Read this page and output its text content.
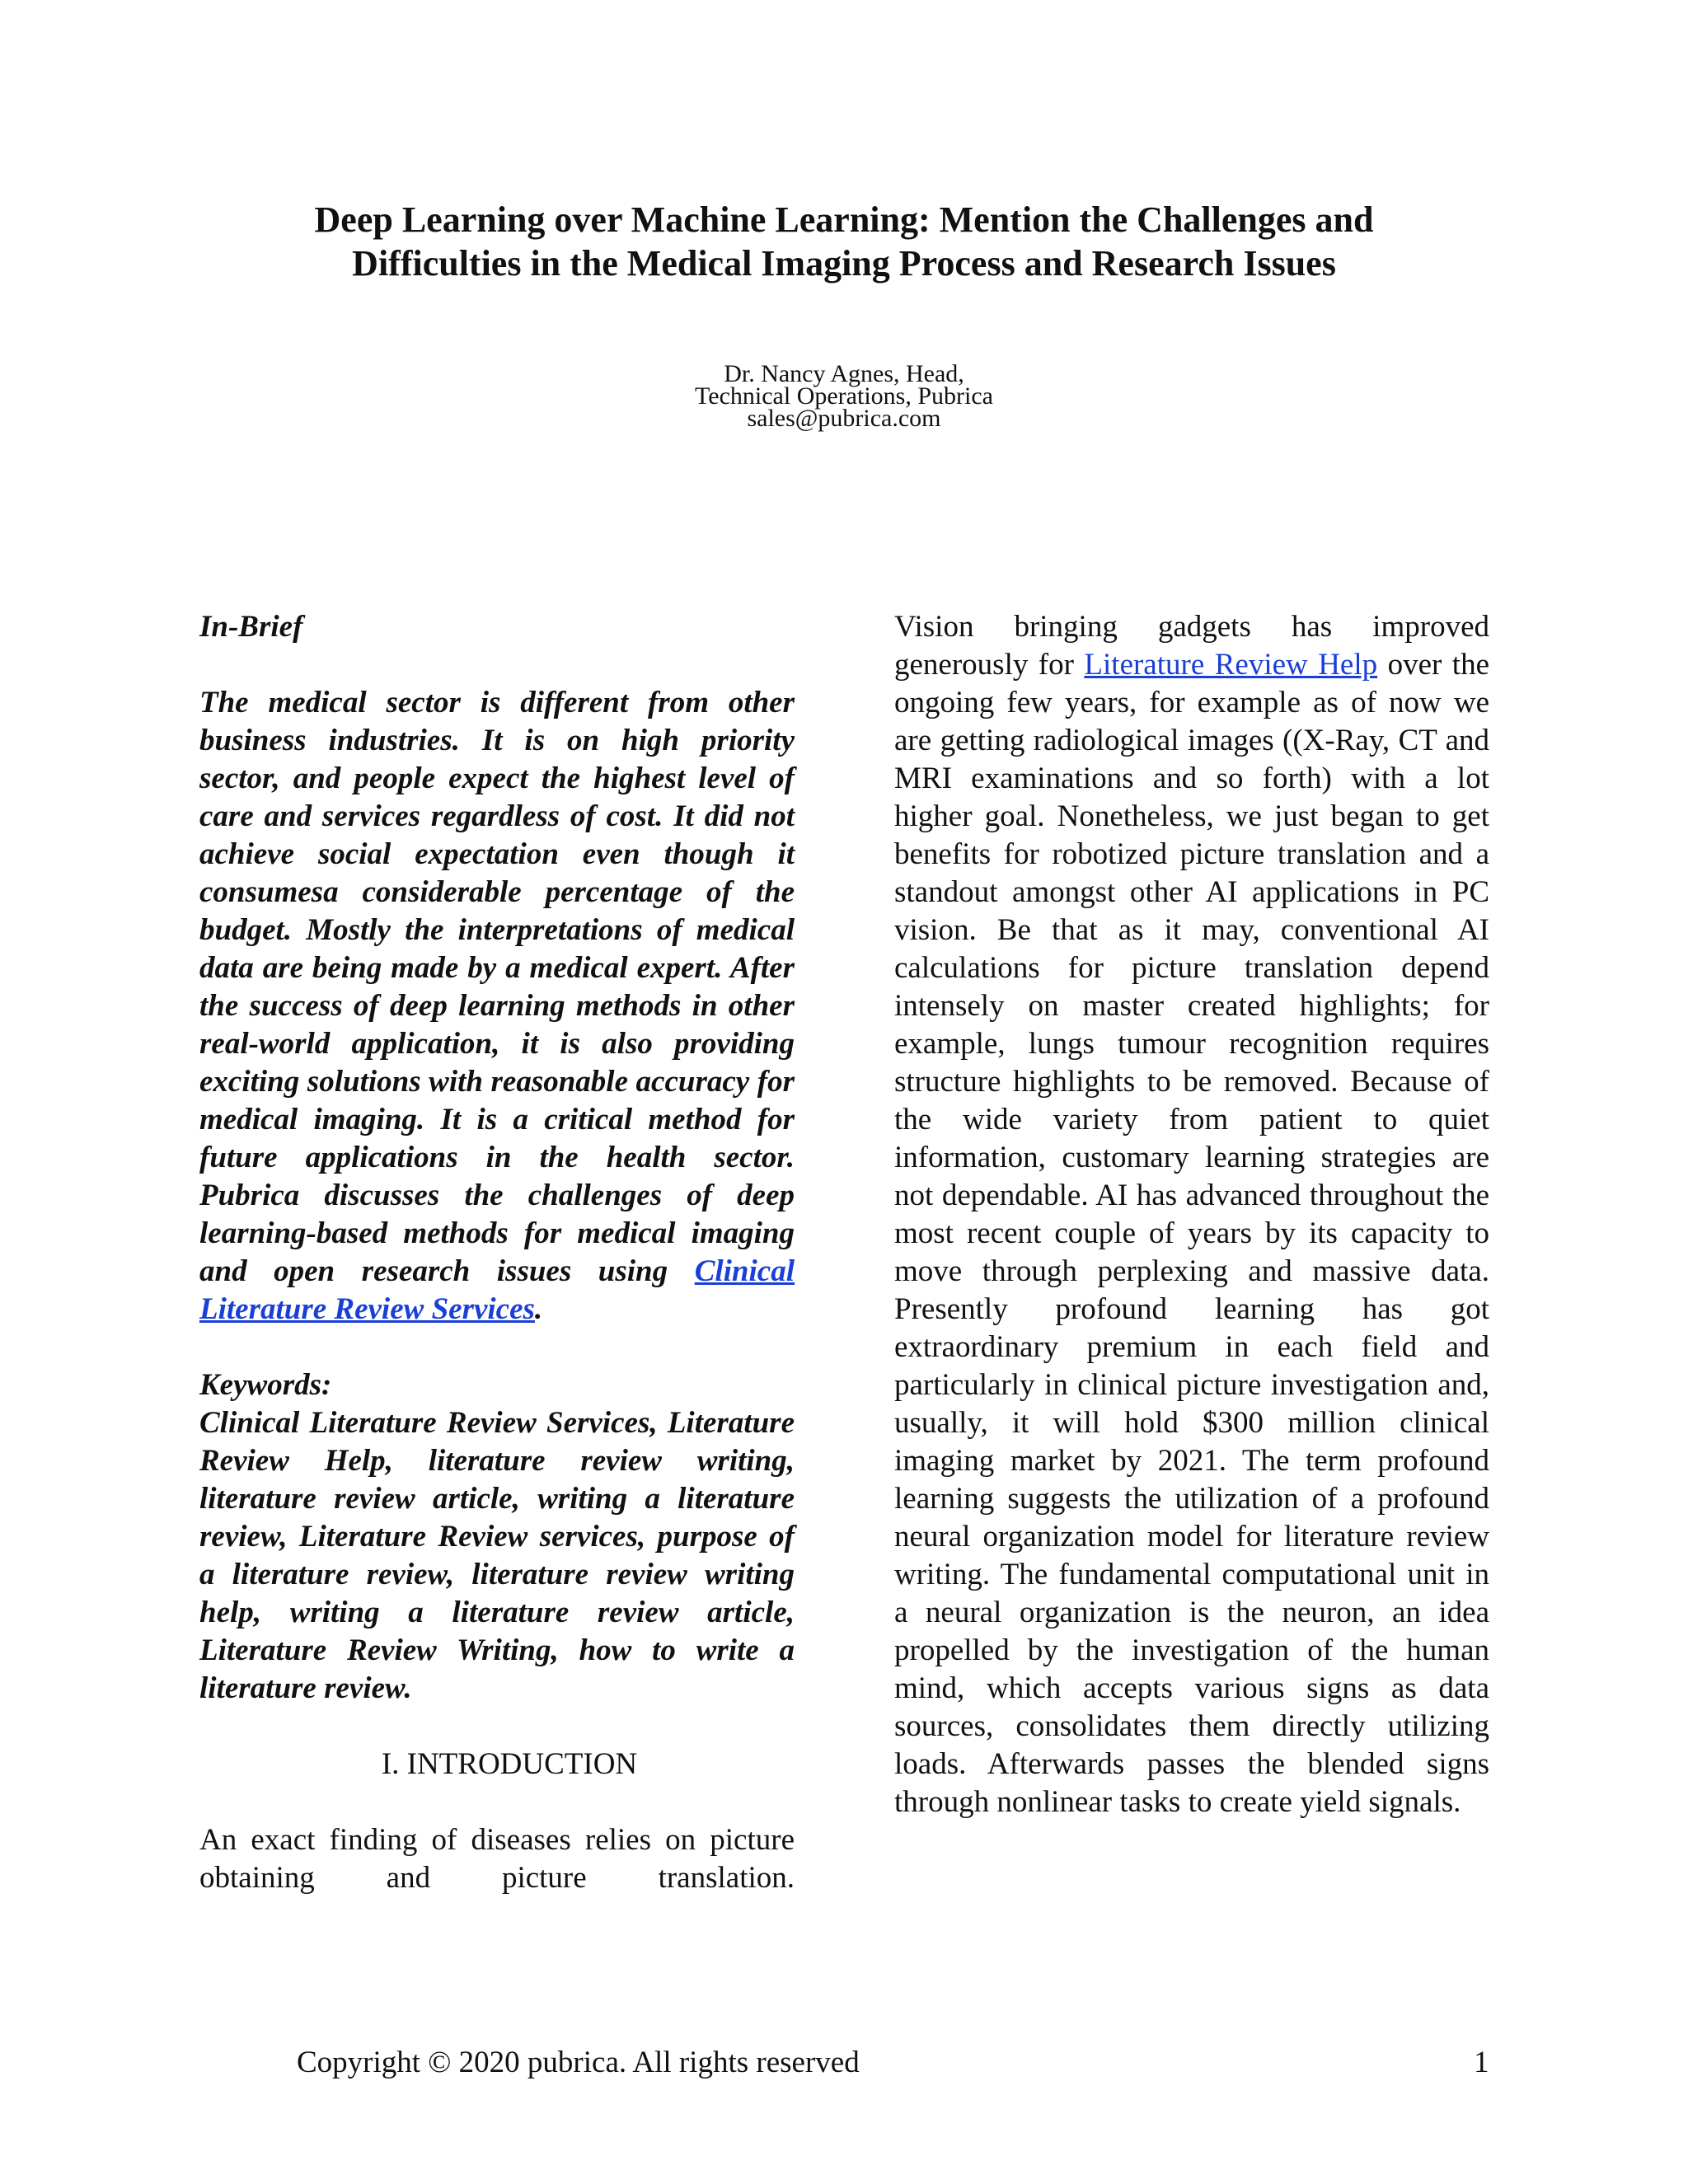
Deep Learning over Machine Learning: Mention the Challenges and
Difficulties in the Medical Imaging Process and Research Issues
Dr. Nancy Agnes, Head,
Technical Operations, Pubrica
sales@pubrica.com

In-Brief

The medical sector is different from other business industries. It is on high priority sector, and people expect the highest level of care and services regardless of cost. It did not achieve social expectation even though it consumesa considerable percentage of the budget. Mostly the interpretations of medical data are being made by a medical expert. After the success of deep learning methods in other real-world application, it is also providing exciting solutions with reasonable accuracy for medical imaging. It is a critical method for future applications in the health sector. Pubrica discusses the challenges of deep learning-based methods for medical imaging and open research issues using Clinical Literature Review Services.

Keywords:

Clinical Literature Review Services, Literature Review Help, literature review writing, literature review article, writing a literature review, Literature Review services, purpose of a literature review, literature review writing help, writing a literature review article, Literature Review Writing, how to write a literature review.

I. INTRODUCTION

An exact finding of diseases relies on picture obtaining and picture translation.

Vision bringing gadgets has improved generously for Literature Review Help over the ongoing few years, for example as of now we are getting radiological images ((X-Ray, CT and MRI examinations and so forth) with a lot higher goal. Nonetheless, we just began to get benefits for robotized picture translation and a standout amongst other AI applications in PC vision. Be that as it may, conventional AI calculations for picture translation depend intensely on master created highlights; for example, lungs tumour recognition requires structure highlights to be removed. Because of the wide variety from patient to quiet information, customary learning strategies are not dependable. AI has advanced throughout the most recent couple of years by its capacity to move through perplexing and massive data. Presently profound learning has got extraordinary premium in each field and particularly in clinical picture investigation and, usually, it will hold $300 million clinical imaging market by 2021. The term profound learning suggests the utilization of a profound neural organization model for literature review writing. The fundamental computational unit in a neural organization is the neuron, an idea propelled by the investigation of the human mind, which accepts various signs as data sources, consolidates them directly utilizing loads. Afterwards passes the blended signs through nonlinear tasks to create yield signals.

Copyright © 2020 pubrica. All rights reserved	1
